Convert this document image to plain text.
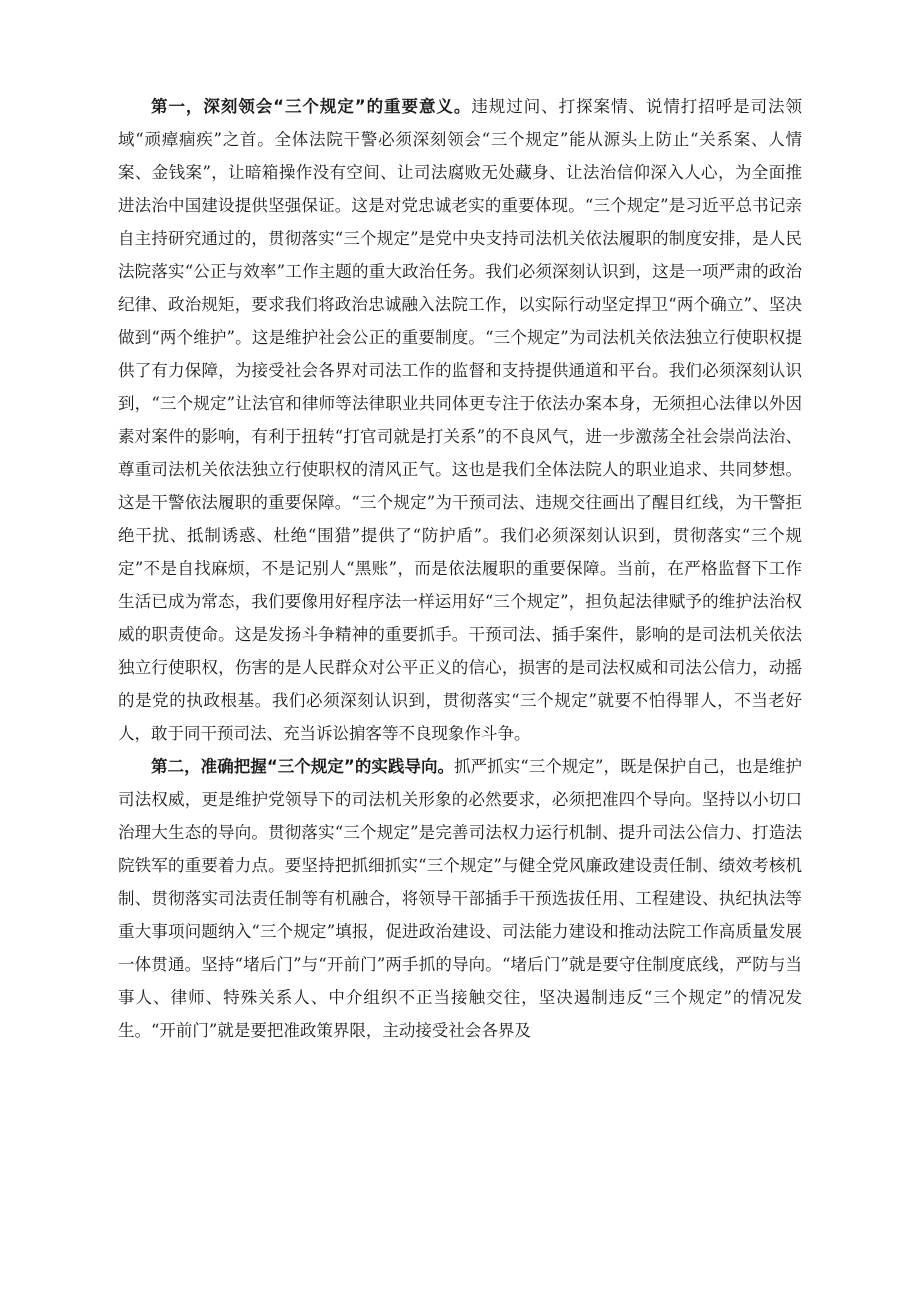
第一，深刻领会“三个规定”的重要意义。违规过问、打探案情、说情打招呼是司法领域“顽瘴痼疾”之首。全体法院干警必须深刻领会“三个规定”能从源头上防止“关系案、人情案、金钱案”，让暗箱操作没有空间、让司法腐败无处藏身、让法治信仰深入人心，为全面推进法治中国建设提供坚强保证。这是对党忠诚老实的重要体现。“三个规定”是习近平总书记亲自主持研究通过的，贯彻落实“三个规定”是党中央支持司法机关依法履职的制度安排，是人民法院落实“公正与效率”工作主题的重大政治任务。我们必须深刻认识到，这是一项严肃的政治纪律、政治规矩，要求我们将政治忠诚融入法院工作，以实际行动坚定捍卫“两个确立”、坚决做到“两个维护”。这是维护社会公正的重要制度。“三个规定”为司法机关依法独立行使职权提供了有力保障，为接受社会各界对司法工作的监督和支持提供通道和平台。我们必须深刻认识到，“三个规定”让法官和律师等法律职业共同体更专注于依法办案本身，无须担心法律以外因素对案件的影响，有利于扭转“打官司就是打关系”的不良风气，进一步激荡全社会崇尚法治、尊重司法机关依法独立行使职权的清风正气。这也是我们全体法院人的职业追求、共同梦想。这是干警依法履职的重要保障。“三个规定”为干预司法、违规交往画出了醒目红线，为干警拒绝干扰、抵制诱惑、杜绝“围猎”提供了“防护盾”。我们必须深刻认识到，贯彻落实“三个规定”不是自找麻烦，不是记别人“黑账”，而是依法履职的重要保障。当前，在严格监督下工作生活已成为常态，我们要像用好程序法一样运用好“三个规定”，担负起法律赋予的维护法治权威的职责使命。这是发扬斗争精神的重要抓手。干预司法、插手案件，影响的是司法机关依法独立行使职权，伤害的是人民群众对公平正义的信心，损害的是司法权威和司法公信力，动摇的是党的执政根基。我们必须深刻认识到，贯彻落实“三个规定”就要不怕得罪人，不当老好人，敢于同干预司法、充当诉讼掮客等不良现象作斗争。

第二，准确把握“三个规定”的实践导向。抓严抓实“三个规定”，既是保护自己，也是维护司法权威，更是维护党领导下的司法机关形象的必然要求，必须把准四个导向。坚持以小切口治理大生态的导向。贯彻落实“三个规定”是完善司法权力运行机制、提升司法公信力、打造法院铁军的重要着力点。要坚持把抓细抓实“三个规定”与健全党风廉政建设责任制、绩效考核机制、贯彻落实司法责任制等有机融合，将领导干部插手干预选拔任用、工程建设、执纪执法等重大事项问题纳入“三个规定”填报，促进政治建设、司法能力建设和推动法院工作高质量发展一体贯通。坚持“堵后门”与“开前门”两手抓的导向。“堵后门”就是要守住制度底线，严防与当事人、律师、特殊关系人、中介组织不正当接触交往，坚决遏制违反“三个规定”的情况发生。“开前门”就是要把准政策界限，主动接受社会各界及
